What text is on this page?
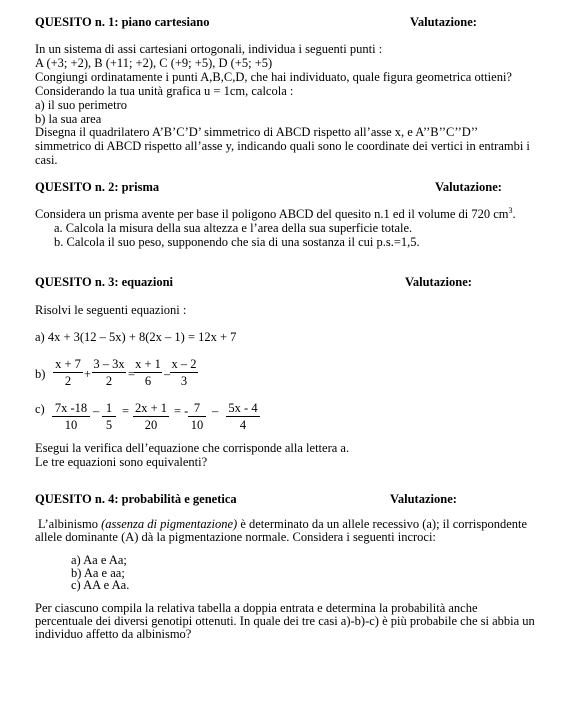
QUESITO n. 1: piano cartesiano	Valutazione:
In un sistema di assi cartesiani ortogonali, individua i seguenti punti :
A (+3; +2), B (+11; +2), C (+9; +5), D (+5; +5)
Congiungi ordinatamente i punti A,B,C,D, che hai individuato, quale figura geometrica ottieni?
Considerando la tua unità grafica u = 1cm, calcola :
a) il suo perimetro
b) la sua area
Disegna il quadrilatero A’B’C’D’ simmetrico di ABCD rispetto all’asse x, e A’’B’’C’’D’’
simmetrico di ABCD rispetto all’asse y, indicando quali sono le coordinate dei vertici in entrambi i
casi.
QUESITO n. 2: prisma	Valutazione:
Considera un prisma avente per base il poligono ABCD del quesito n.1 ed il volume di 720 $cm^3$.
a. Calcola la misura della sua altezza e l’area della sua superficie totale.
b. Calcola il suo peso, supponendo che sia di una sostanza il cui p.s.=1,5.
QUESITO n. 3: equazioni	Valutazione:
Risolvi le seguenti equazioni :
a) 4x + 3(12 – 5x) + 8(2x – 1) = 12x + 7
$b) \frac{x + 7}{2} + \frac{3 - 3x}{2}$ =
$\frac{x + 1}{6} - \frac{x - 2}{3}$
$c) \frac{7x -18}{10} - \frac{1}{5} = \frac{2x + 1}{20}$ = - $\frac{7}{10} - \frac{5x - 4}{4}$
Esegui la verifica dell’equazione che corrisponde alla lettera a.
Le tre equazioni sono equivalenti?
QUESITO n. 4: probabilità e genetica	Valutazione:
L’albinismo (assenza di pigmentazione) è determinato da un allele recessivo (a); il corrispondente
allele dominante (A) dà la pigmentazione normale. Considera i seguenti incroci:
a) Aa e Aa;
b) Aa e aa;
c) AA e Aa.
Per ciascuno compila la relativa tabella a doppia entrata e determina la probabilità anche
percentuale dei diversi genotipi ottenuti. In quale dei tre casi a)-b)-c) è più probabile che si abbia un
individuo affetto da albinismo?
